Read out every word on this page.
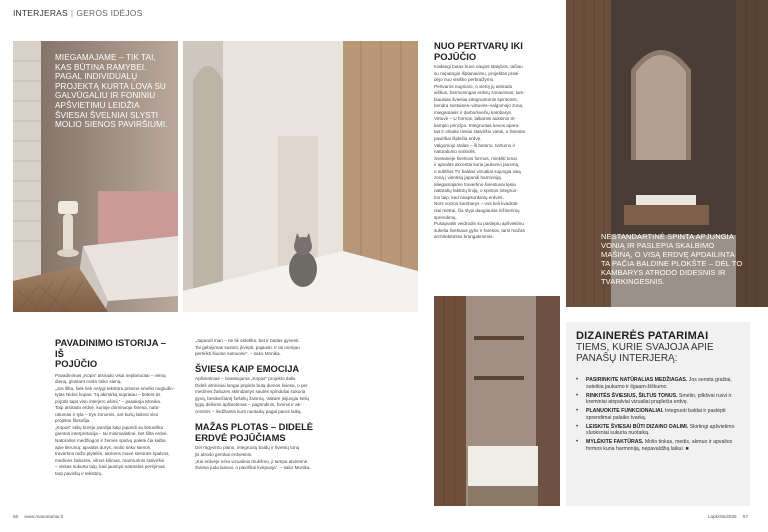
INTERJERAS | GEROS IDĖJOS
MIEGAMAJAME – TIK TAI, KAS BŪTINA RAMYBEI. PAGAL INDIVIDUALŲ PROJEKTĄ KURTA LOVA SU GALVŪGALIU IR FONINIU APŠVIETIMU LEIDŽIA ŠVIESAI ŠVELNIAI SLYSTI MOLIO SIENOS PAVIRŠIUMI.
NESTANDARTINĖ SPINTA APJUNGIA VONIĄ IR PASLEPIA SKALBIMO MAŠINĄ, O VISĄ ERDVĘ APDAILINTA TA PAČIA BALDINE PLOKŠTE – DĖL TO KAMBARYS ATRODO DIDESNIS IR TVARKINGESNIS.
NUO PERTVARŲ IKI
POJŪČIO

Kadangi butas buvo naujos statybos, tačiau

su nepatogiu išplanavimu, projektas prasi-

dėjo nuo visiško perbraižymo.

Pertvaros nugriuvo, o vietoj jų atsirado

aiškus, harmoningas erdvių zonavimas: tam-

biausias šviesiai integruotomis spintomis,

bendra svetainės–virtuvės–valgomojo zona,

miegamasis ir darbo/svečių kambarys.

Virtuvė – U formos, laikantis auksinio tri-

kampio principo. Integruotas kavos apara-

tas ir orkaitė tiesiai stalviršio vietai, o šviesūs

paviršiai išplečia erdvę.

Valgomojo stalas – iš betono, tvirtumo ir

natūralumo simbolis.

Svetainėje švelnios formos, minkšti tonai

ir apvalūs akcentai kuria jaukumo jausmą,

o subtilus TV baldas vizualiai sujungia visą

zoną į vientisą japandi harmoniją.

Miegamajame travertino šviestuvai tęsia

natūralių faktūrų liniją, o spintos integruo-

tos taip, kad neapsunkintų erdvės.

Nors vonios kambarys – vos keli kvadrati-

niai metrai, čia slypi daugiausia inžinerinių

sprendimų.

Pusapvalis veidrodis su paslėptu apšvietimu

sukelia švelnaus gylio ir šviesos, tarsi mažas

architektūrinis brangakmenis.

PAVADINIMO ISTORIJA – IŠ
POJŪČIO

Pavadinimas „Kopa“ atsirado visai neplanuotai – vieną

dieną, glostant molio tinko sieną.

„Jos šilta, šiek tiek nelygi tekstūra priminė smėlio nugludin-

tytas Nidos kopas. Tą akimirką supratau – būtent tis

pojūtis taps viso interjero ašimi,“ – pasakoja Monika.

Taip atsirado erdvė, kurioje dominuoja šviesa, natū-

ralumas ir tyla – trys zonomis, ant kurių laikosi viso

projekto filosofija.

„Kopos“ stilių kūrėja įvardija kaip japandi su lietuvišku

gamtos interpretacija – tai minimalistinė, bet šilta erdvė.

Natūralios medžiagos ir žemės spalvų paletė čia kalba

apie tikrumą: apvalūs durys, molio tinko sienos,

travertino raižo plytelės, akmens maxė sieninės spalvos,

medinės žaliuzės, vilnos kilimas, marmurinis stalviršis

– viskas sukurta taip, kad jaustųsi natūralus perėjimas

tarp paviršių ir tekstūrų.

„Japandi man – ne tik estetika, bet ir būdas gyventi.

Tai gebėjimas sustoti, įkvėpti, pajausti. Ir tai norėjau

perteikti šiuose namuose“, – sako Monika.

ŠVIESA KAIP EMOCIJA

Apšvietimas – neatsiejama „Kopos“ projekto dalis.

Dideli vitrininiai langai pripildo butą dienos šviesa, o per

medines žaliuzes sklindantys saulės spinduliai sukuria

gyvą, besikeičiantį šešėlių žaismą. Vakare įsijungia kelių

lygių dėlionis apšvietimas – pagrindinis, foninis ir ak-

centinis – leidžiantis kurti nuotaikų pagal paros laiką.

MAŽAS PLOTAS – DIDELĖ
ERDVĖ POJŪČIAMS

Dėl rūgyvinto plano, integruotų baldų ir šviesių tonų

jis atrodo gerokai erdvesnis.

„Kai erdvėje nėra vizualinio triukšmo, ji tampa atviresnė.

Šviesa juda laisvai, o paviršiai kvėpuoja“, – sako Monika.

DIZAINERĖS PATARIMAI
TIEMS, KURIE SVAJOJA APIE
PANAŠŲ INTERJERĄ:
• PASIRINKITE NATŪRALIAS MEDŽIAGAS. Jos sensta gražiai, suteikia jaukumo ir ilgaam-žiškumo.
• RINKITĖS ŠVIESIUS, ŠILTUS TONUS. Smėlio, pilkšvai rusvi ir kreminiai atspalviai vizualiai praplečia erdvę.
• PLANUOKITE FUNKCIONALIAI. Integruoti baldai ir paslėpti sprendimai palaiko tvarką.
• LEISKITE ŠVIESAI BŪTI DIZAINO DALIMI. Skirtingi apšvietimo sluoksniai sukuria nuotaiką.
• MYLĖKITE FAKTŪRAS. Molio tinkas, medis, akmuo ir apvalios formos kuria harmoniją, nepavaldžią laikui. ■
56 www.manonamai.lt	Lapkritis/2025 57
